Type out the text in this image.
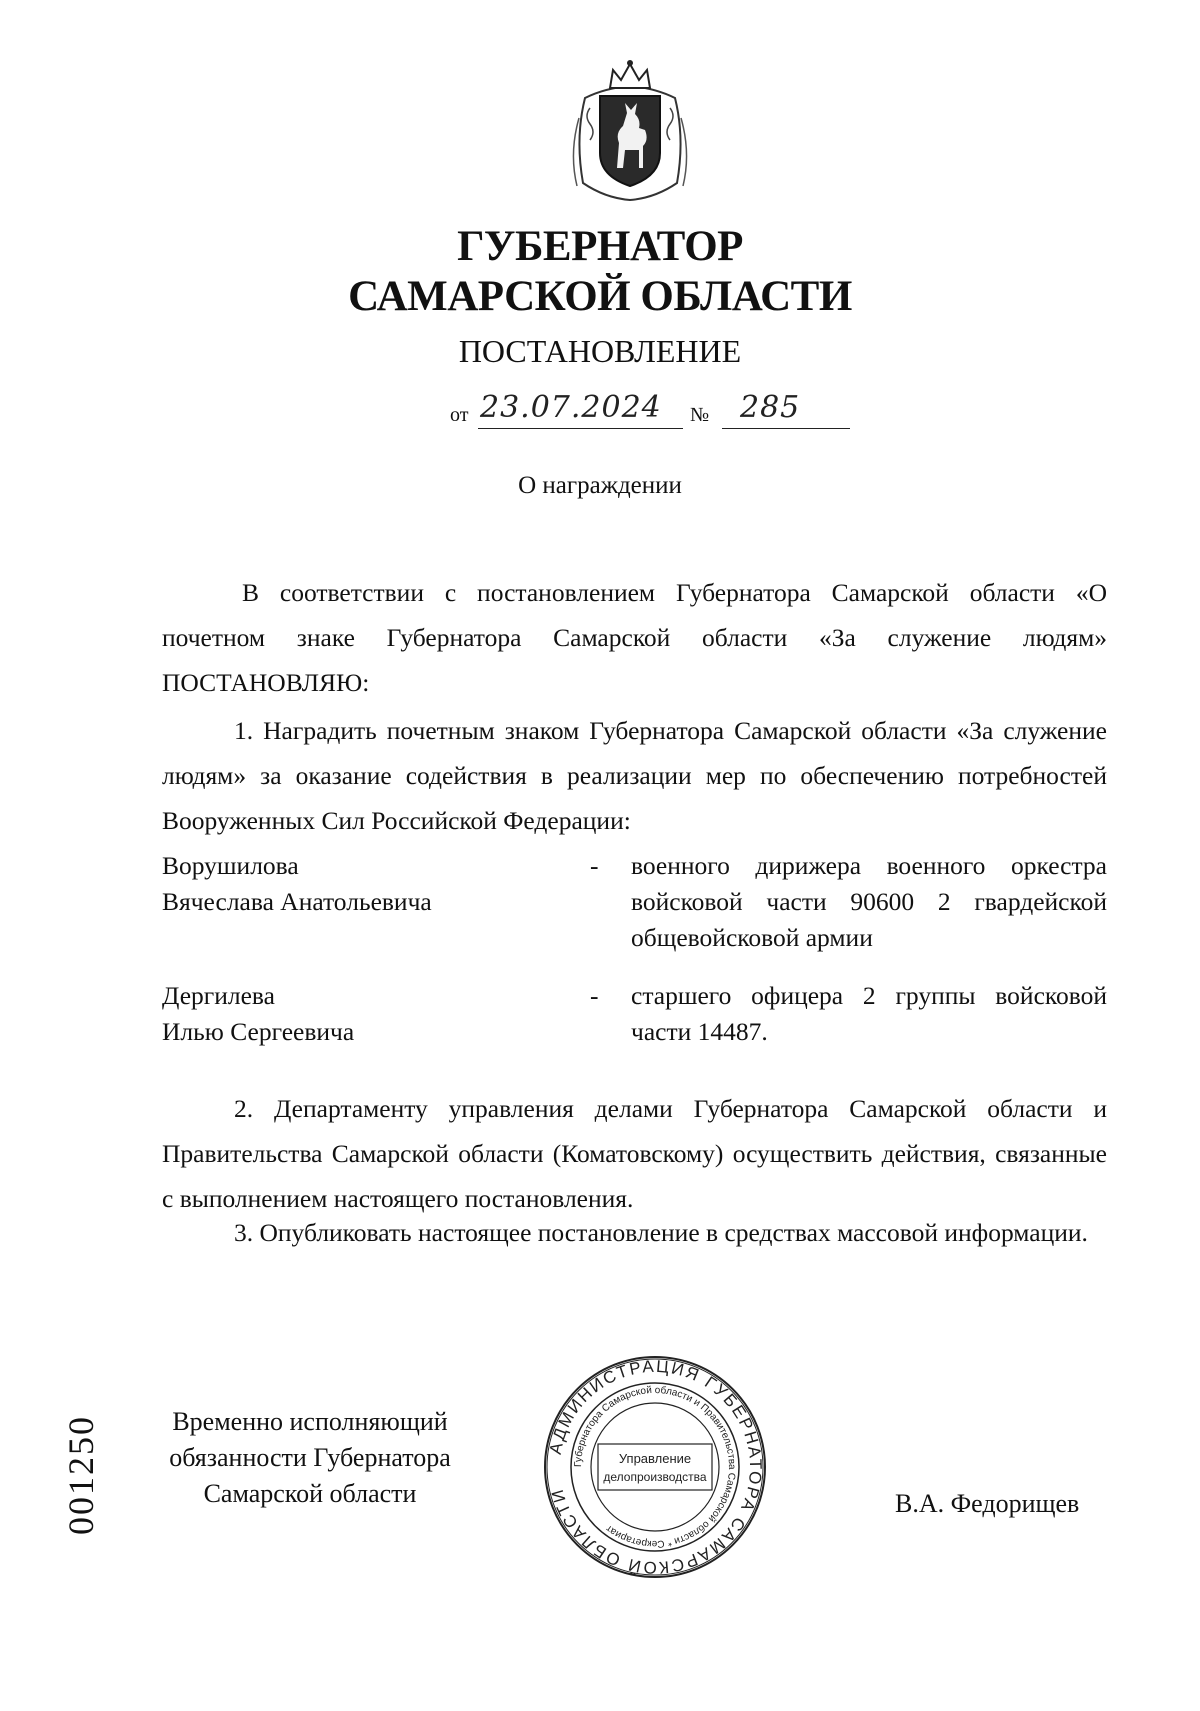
ГУБЕРНАТОР
САМАРСКОЙ ОБЛАСТИ
ПОСТАНОВЛЕНИЕ
от 23.07.2024 № 285
О награждении
В соответствии с постановлением Губернатора Самарской области «О почетном знаке Губернатора Самарской области «За служение людям» ПОСТАНОВЛЯЮ:
1. Наградить почетным знаком Губернатора Самарской области «За служение людям» за оказание содействия в реализации мер по обеспечению потребностей Вооруженных Сил Российской Федерации:
Ворушилова
Вячеслава Анатольевича
- военного дирижера военного оркестра войсковой части 90600 2 гвардейской общевойсковой армии
Дергилева
Илью Сергеевича
- старшего офицера 2 группы войсковой части 14487.
2. Департаменту управления делами Губернатора Самарской области и Правительства Самарской области (Коматовскому) осуществить действия, связанные с выполнением настоящего постановления.
3. Опубликовать настоящее постановление в средствах массовой информации.
Временно исполняющий
обязанности Губернатора
Самарской области	В.А. Федорищев
АДМИНИСТРАЦИЯ ГУБЕРНАТОРА САМАРСКОЙ ОБЛАСТИ
Губернатора Самарской области и Правительства Самарской области * Секретариат
Управление
делопроизводства
001250
